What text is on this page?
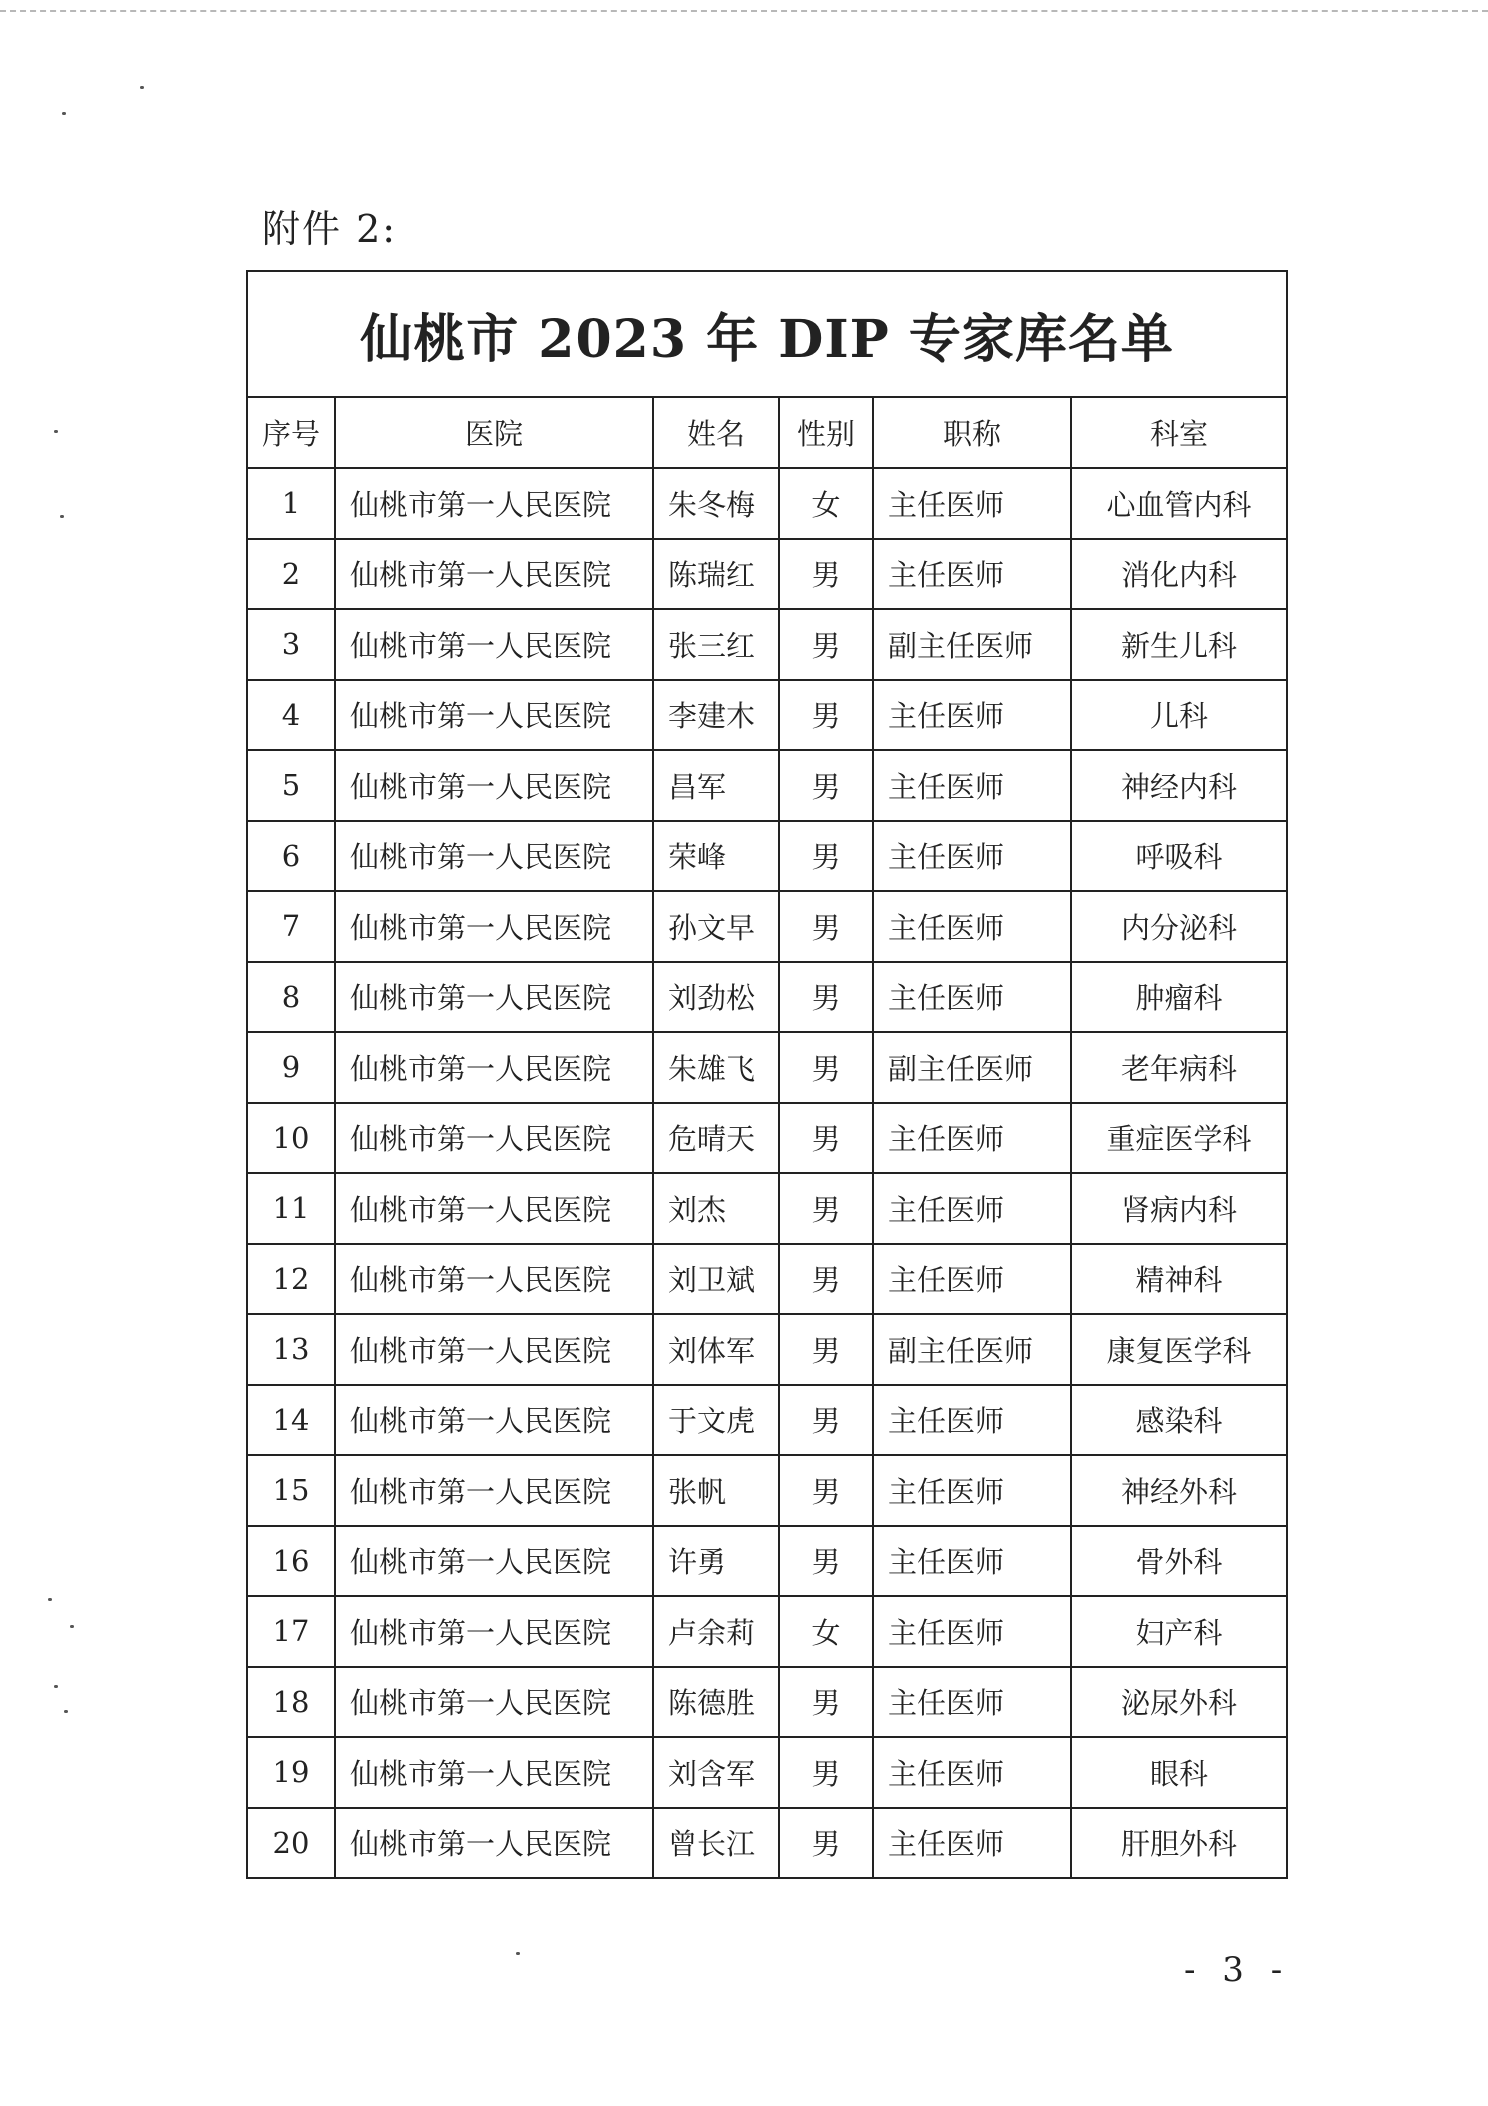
附件 2:
仙桃市 2023 年 DIP 专家库名单					
序号	医院	姓名	性别	职称	科室
1	仙桃市第一人民医院	朱冬梅	女	主任医师	心血管内科
2	仙桃市第一人民医院	陈瑞红	男	主任医师	消化内科
3	仙桃市第一人民医院	张三红	男	副主任医师	新生儿科
4	仙桃市第一人民医院	李建木	男	主任医师	儿科
5	仙桃市第一人民医院	昌军	男	主任医师	神经内科
6	仙桃市第一人民医院	荣峰	男	主任医师	呼吸科
7	仙桃市第一人民医院	孙文早	男	主任医师	内分泌科
8	仙桃市第一人民医院	刘劲松	男	主任医师	肿瘤科
9	仙桃市第一人民医院	朱雄飞	男	副主任医师	老年病科
10	仙桃市第一人民医院	危晴天	男	主任医师	重症医学科
11	仙桃市第一人民医院	刘杰	男	主任医师	肾病内科
12	仙桃市第一人民医院	刘卫斌	男	主任医师	精神科
13	仙桃市第一人民医院	刘体军	男	副主任医师	康复医学科
14	仙桃市第一人民医院	于文虎	男	主任医师	感染科
15	仙桃市第一人民医院	张帆	男	主任医师	神经外科
16	仙桃市第一人民医院	许勇	男	主任医师	骨外科
17	仙桃市第一人民医院	卢余莉	女	主任医师	妇产科
18	仙桃市第一人民医院	陈德胜	男	主任医师	泌尿外科
19	仙桃市第一人民医院	刘含军	男	主任医师	眼科
20	仙桃市第一人民医院	曾长江	男	主任医师	肝胆外科
- 3 -
